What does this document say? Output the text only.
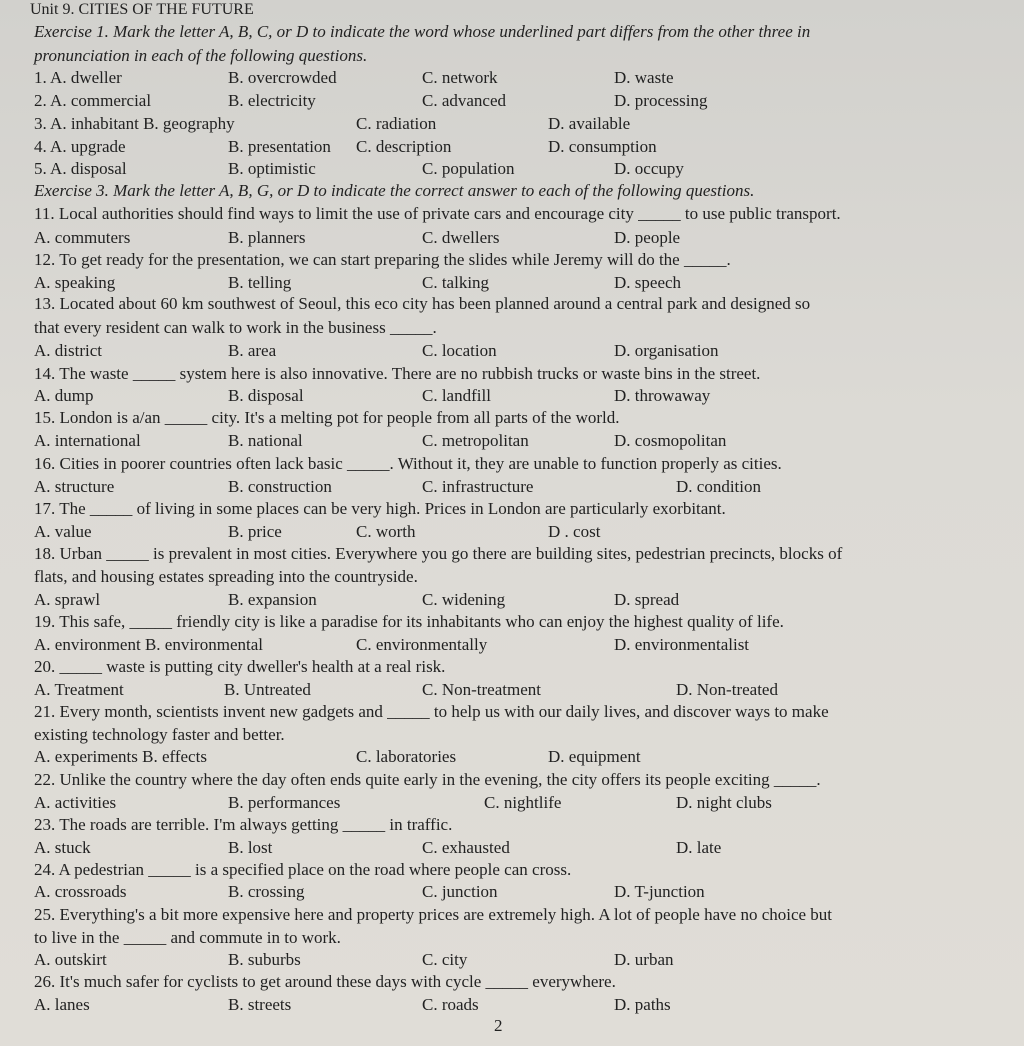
Unit 9. CITIES OF THE FUTURE
Exercise 1. Mark the letter A, B, C, or D to indicate the word whose underlined part differs from the other three in
pronunciation in each of the following questions.
1. A. dweller	B. overcrowded	C. network	D. waste
2. A. commercial	B. electricity	C. advanced	D. processing
3. A. inhabitant B. geography	C. radiation	D. available
4. A. upgrade	B. presentation C. description	D. consumption
5. A. disposal	B. optimistic	C. population	D. occupy
Exercise 3. Mark the letter A, B, G, or D to indicate the correct answer to each of the following questions.
11. Local authorities should find ways to limit the use of private cars and encourage city _____ to use public transport.
A. commuters	B. planners	C. dwellers	D. people
12. To get ready for the presentation, we can start preparing the slides while Jeremy will do the _____.
A. speaking	B. telling	C. talking	D. speech
13. Located about 60 km southwest of Seoul, this eco city has been planned around a central park and designed so
that every resident can walk to work in the business _____.
A. district	B. area	C. location	D. organisation
14. The waste _____ system here is also innovative. There are no rubbish trucks or waste bins in the street.
A. dump	B. disposal	C. landfill	D. throwaway
15. London is a/an _____ city. It's a melting pot for people from all parts of the world.
A. international	B. national	C. metropolitan	D. cosmopolitan
16. Cities in poorer countries often lack basic _____. Without it, they are unable to function properly as cities.
A. structure	B. construction	C. infrastructure	D. condition
17. The _____ of living in some places can be very high. Prices in London are particularly exorbitant.
A. value	B. price	C. worth	D . cost
18. Urban _____ is prevalent in most cities. Everywhere you go there are building sites, pedestrian precincts, blocks of
flats, and housing estates spreading into the countryside.
A. sprawl	B. expansion	C. widening	D. spread
19. This safe, _____ friendly city is like a paradise for its inhabitants who can enjoy the highest quality of life.
A. environment B. environmental	C. environmentally	D. environmentalist
20. _____ waste is putting city dweller's health at a real risk.
A. Treatment	B. Untreated	C. Non-treatment	D. Non-treated
21. Every month, scientists invent new gadgets and _____ to help us with our daily lives, and discover ways to make
existing technology faster and better.
A. experiments B. effects	C. laboratories	D. equipment
22. Unlike the country where the day often ends quite early in the evening, the city offers its people exciting _____.
A. activities	B. performances	C. nightlife	D. night clubs
23. The roads are terrible. I'm always getting _____ in traffic.
A. stuck	B. lost	C. exhausted	D. late
24. A pedestrian _____ is a specified place on the road where people can cross.
A. crossroads	B. crossing	C. junction	D. T-junction
25. Everything's a bit more expensive here and property prices are extremely high. A lot of people have no choice but
to live in the _____ and commute in to work.
A. outskirt	B. suburbs	C. city	D. urban
26. It's much safer for cyclists to get around these days with cycle _____ everywhere.
A. lanes	B. streets	C. roads	D. paths
2
